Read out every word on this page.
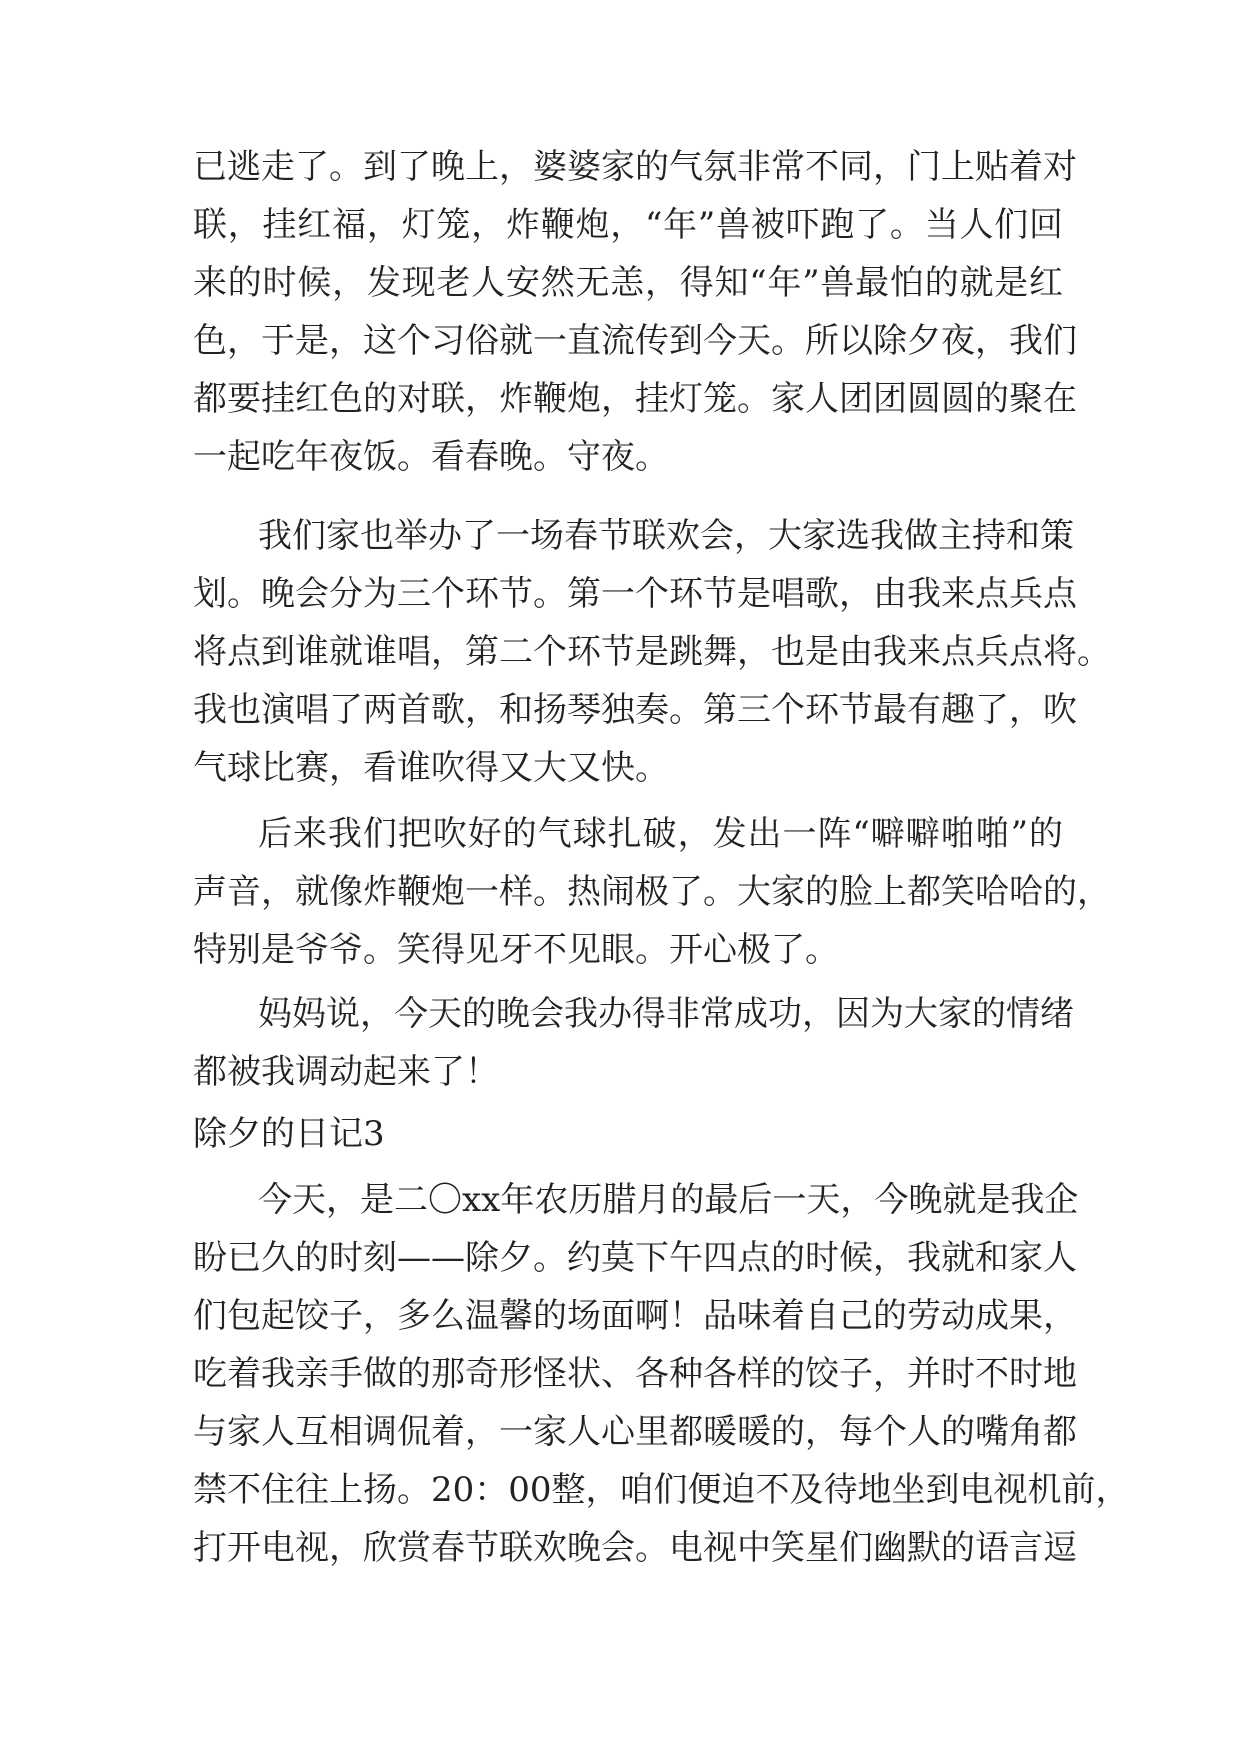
已逃走了。到了晚上，婆婆家的气氛非常不同，门上贴着对
联，挂红福，灯笼，炸鞭炮，“年”兽被吓跑了。当人们回
来的时候，发现老人安然无恙，得知“年”兽最怕的就是红
色，于是，这个习俗就一直流传到今天。所以除夕夜，我们
都要挂红色的对联，炸鞭炮，挂灯笼。家人团团圆圆的聚在
一起吃年夜饭。看春晚。守夜。
我们家也举办了一场春节联欢会，大家选我做主持和策
划。晚会分为三个环节。第一个环节是唱歌，由我来点兵点
将点到谁就谁唱，第二个环节是跳舞，也是由我来点兵点将。
我也演唱了两首歌，和扬琴独奏。第三个环节最有趣了，吹
气球比赛，看谁吹得又大又快。
后来我们把吹好的气球扎破，发出一阵“噼噼啪啪”的
声音，就像炸鞭炮一样。热闹极了。大家的脸上都笑哈哈的，
特别是爷爷。笑得见牙不见眼。开心极了。
妈妈说，今天的晚会我办得非常成功，因为大家的情绪
都被我调动起来了！
除夕的日记3
今天，是二〇xx年农历腊月的最后一天，今晚就是我企
盼已久的时刻——除夕。约莫下午四点的时候，我就和家人
们包起饺子，多么温馨的场面啊！品味着自己的劳动成果，
吃着我亲手做的那奇形怪状、各种各样的饺子，并时不时地
与家人互相调侃着，一家人心里都暖暖的，每个人的嘴角都
禁不住往上扬。20：00整，咱们便迫不及待地坐到电视机前，
打开电视，欣赏春节联欢晚会。电视中笑星们幽默的语言逗
